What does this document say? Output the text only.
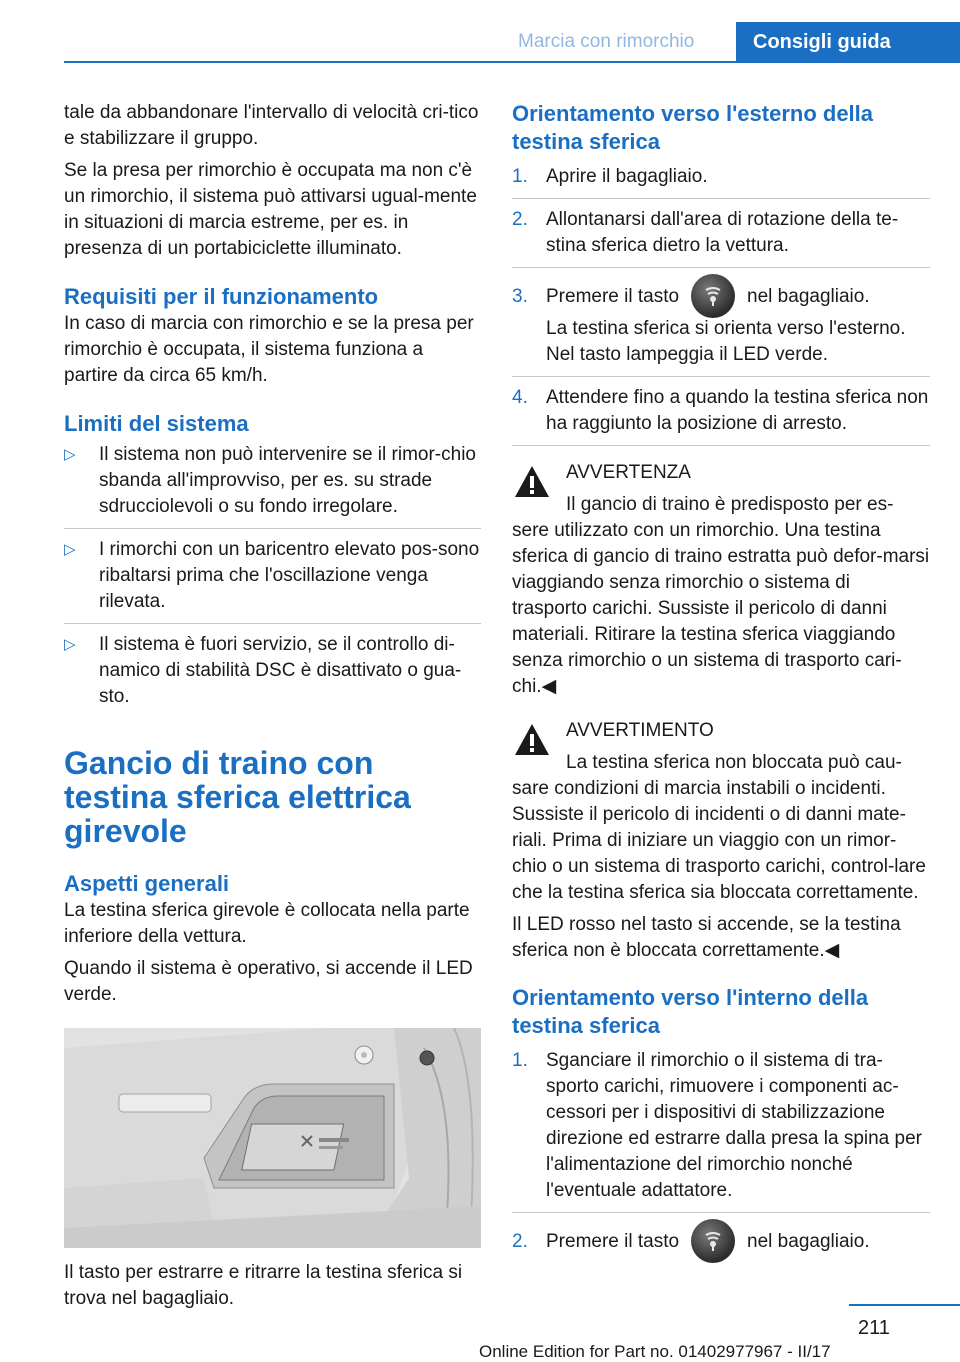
Marcia con rimorchio	Consigli guida

tale da abbandonare l'intervallo di velocità cri-tico e stabilizzare il gruppo.

Se la presa per rimorchio è occupata ma non c'è un rimorchio, il sistema può attivarsi ugual-mente in situazioni di marcia estreme, per es. in presenza di un portabiciclette illuminato.

Requisiti per il funzionamento

In caso di marcia con rimorchio e se la presa per rimorchio è occupata, il sistema funziona a partire da circa 65 km/h.

Limiti del sistema
▷ Il sistema non può intervenire se il rimor-chio sbanda all'improvviso, per es. su strade sdrucciolevoli o su fondo irregolare.
▷ I rimorchi con un baricentro elevato pos-sono ribaltarsi prima che l'oscillazione venga rilevata.
▷ Il sistema è fuori servizio, se il controllo di-namico di stabilità DSC è disattivato o gua-sto.
Gancio di traino con testina sferica elettrica girevole
Aspetti generali

La testina sferica girevole è collocata nella parte inferiore della vettura.

Quando il sistema è operativo, si accende il LED verde.

Il tasto per estrarre e ritrarre la testina sferica si trova nel bagagliaio.

Orientamento verso l'esterno della testina sferica
1. Aprire il bagagliaio.
2. Allontanarsi dall'area di rotazione della te-stina sferica dietro la vettura.
3. Premere il tasto	nel bagagliaio.

La testina sferica si orienta verso l'esterno. Nel tasto lampeggia il LED verde.

4. Attendere fino a quando la testina sferica non ha raggiunto la posizione di arresto.

AVVERTENZA

Il gancio di traino è predisposto per es-sere utilizzato con un rimorchio. Una testina sferica di gancio di traino estratta può defor-marsi viaggiando senza rimorchio o sistema di trasporto carichi. Sussiste il pericolo di danni materiali. Ritirare la testina sferica viaggiando senza rimorchio o un sistema di trasporto cari-chi.◀

AVVERTIMENTO

La testina sferica non bloccata può cau-sare condizioni di marcia instabili o incidenti. Sussiste il pericolo di incidenti o di danni mate-riali. Prima di iniziare un viaggio con un rimor-chio o un sistema di trasporto carichi, control-lare che la testina sferica sia bloccata correttamente.

Il LED rosso nel tasto si accende, se la testina sferica non è bloccata correttamente.◀

Orientamento verso l'interno della testina sferica
1. Sganciare il rimorchio o il sistema di tra-sporto carichi, rimuovere i componenti ac-cessori per i dispositivi di stabilizzazione direzione ed estrarre dalla presa la spina per l'alimentazione del rimorchio nonché l'eventuale adattatore.
2. Premere il tasto	nel bagagliaio.
211
Online Edition for Part no. 01402977967 - II/17
